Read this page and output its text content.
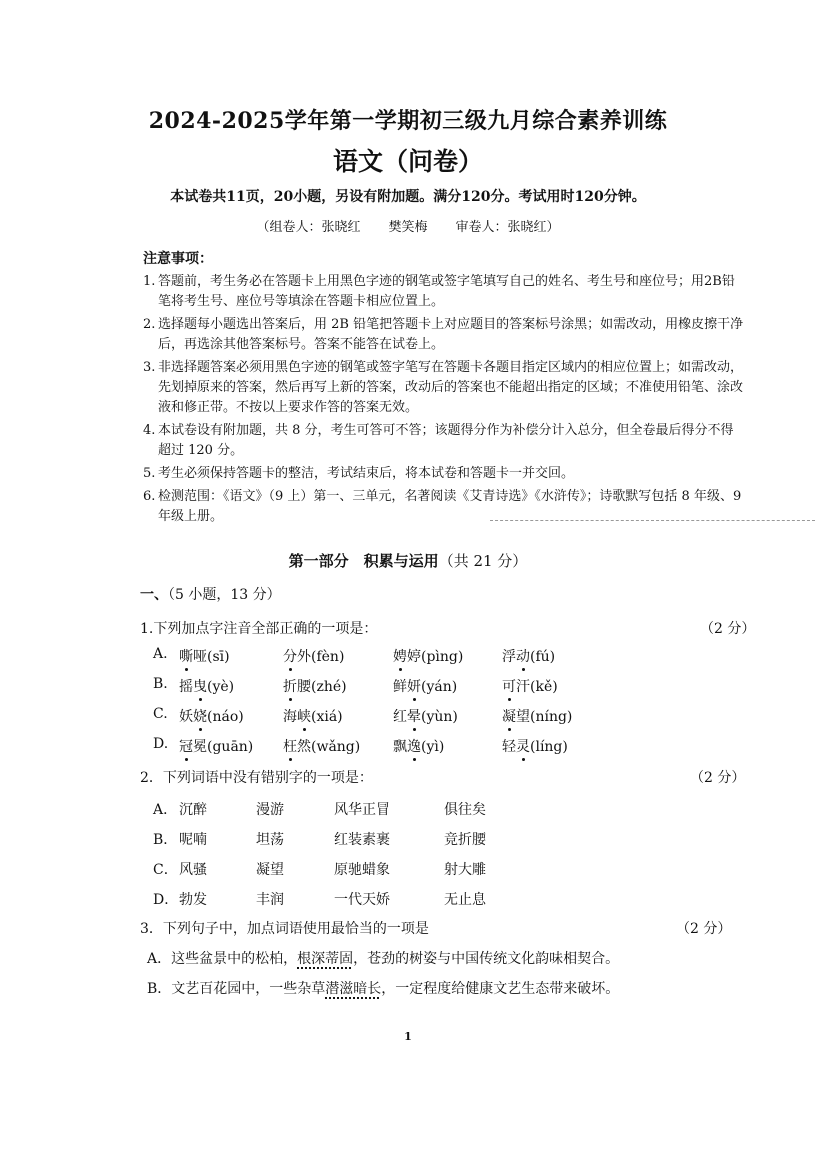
2024-2025学年第一学期初三级九月综合素养训练
语文（问卷）
本试卷共11页，20小题，另设有附加题。满分120分。考试用时120分钟。
（组卷人：张晓红 樊笑梅 审卷人：张晓红）
注意事项：
1. 答题前，考生务必在答题卡上用黑色字迹的钢笔或签字笔填写自己的姓名、考生号和座位号；用2B铅笔将考生号、座位号等填涂在答题卡相应位置上。
2. 选择题每小题选出答案后，用 2B 铅笔把答题卡上对应题目的答案标号涂黑；如需改动，用橡皮擦干净后，再选涂其他答案标号。答案不能答在试卷上。
3. 非选择题答案必须用黑色字迹的钢笔或签字笔写在答题卡各题目指定区域内的相应位置上；如需改动，先划掉原来的答案，然后再写上新的答案，改动后的答案也不能超出指定的区域；不准使用铅笔、涂改液和修正带。不按以上要求作答的答案无效。
4. 本试卷设有附加题，共 8 分，考生可答可不答；该题得分作为补偿分计入总分，但全卷最后得分不得超过 120 分。
5. 考生必须保持答题卡的整洁，考试结束后，将本试卷和答题卡一并交回。
6. 检测范围：《语文》（9 上）第一、三单元，名著阅读《艾青诗选》《水浒传》；诗歌默写包括 8 年级、9 年级上册。
第一部分　积累与运用（共 21 分）
一、（5 小题，13 分）
1.下列加点字注音全部正确的一项是：	（2 分）
A. 嘶哑(sī)	分外(fèn)	娉婷(pìng)	浮动(fú)
B. 摇曳(yè)	折腰(zhé)	鲜妍(yán)	可汗(kě)
C. 妖娆(náo)	海峡(xiá)	红晕(yùn)	凝望(níng)
D. 冠冕(guān) 枉然(wǎng) 飘逸(yì)	轻灵(líng)
2．下列词语中没有错别字的一项是：	（2 分）
A． 沉醉	漫游	风华正冒	俱往矣
B． 呢喃	坦荡	红装素裹	竞折腰
C． 风骚	凝望	原驰蜡象	射大雕
D． 勃发	丰润	一代天娇	无止息
3．下列句子中，加点词语使用最恰当的一项是	（2 分）
A．这些盆景中的松柏，根深蒂固，苍劲的树姿与中国传统文化韵味相契合。
B．文艺百花园中，一些杂草潜滋暗长，一定程度给健康文艺生态带来破坏。
1
